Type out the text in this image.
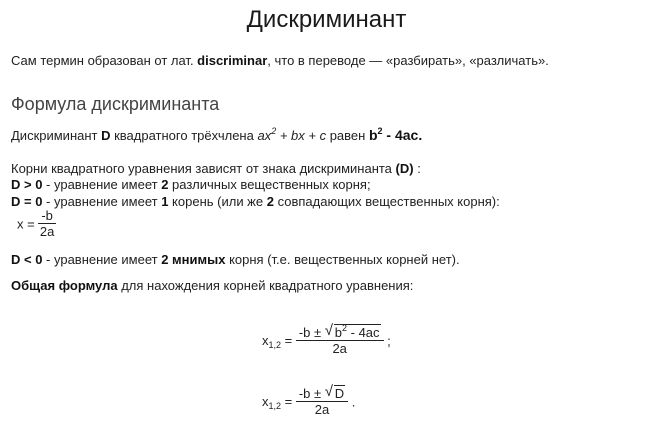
Дискриминант
Сам термин образован от лат. discriminar, что в переводе — «разбирать», «различать».
Формула дискриминанта
Дискриминант D квадратного трёхчлена $ax^2$ + bx + c равен $b^2 - 4ac$.
Корни квадратного уравнения зависят от знака дискриминанта (D) :
D > 0 - уравнение имеет 2 различных вещественных корня;
D = 0 - уравнение имеет 1 корень (или же 2 совпадающих вещественных корня):
$x = \frac{-b}{2a}$
D < 0 - уравнение имеет 2 мнимых корня (т.е. вещественных корней нет).
Общая формула для нахождения корней квадратного уравнения:
$x_{1,2} = \frac{-b \pm √ b^2 - 4ac}{2a}$ ;
$x_{1,2} = \frac{-b \pm √ D}{2a}$ .
